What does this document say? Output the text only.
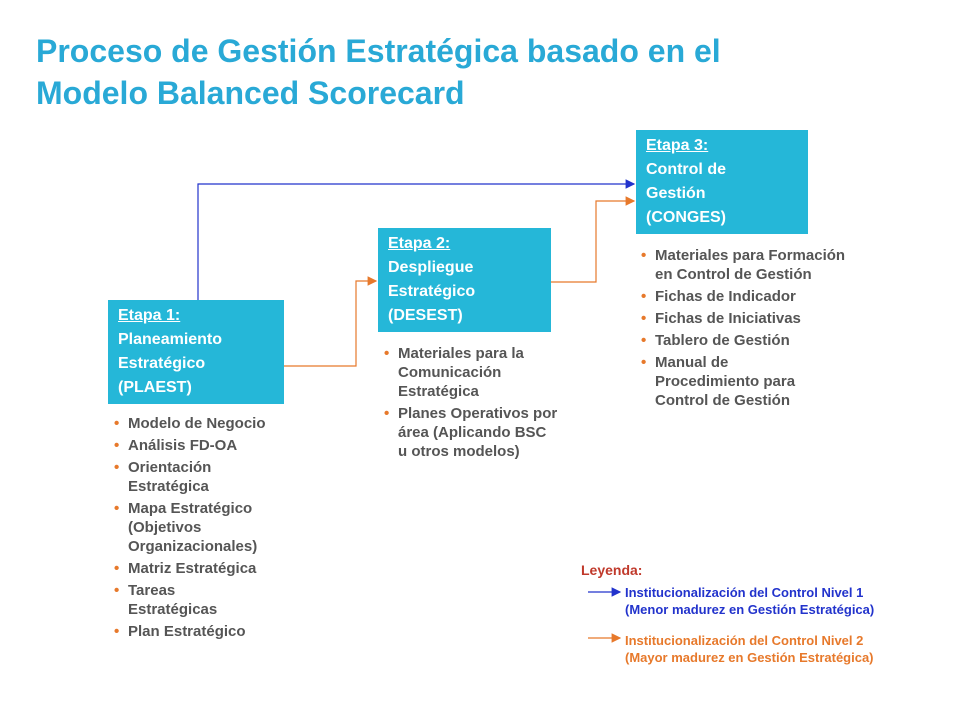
Proceso de Gestión Estratégica basado en el
Modelo Balanced Scorecard
Etapa 1:
Planeamiento
Estratégico
(PLAEST)
Etapa 2:
Despliegue
Estratégico
(DESEST)
Etapa 3:
Control de
Gestión
(CONGES)
• Modelo de Negocio
• Análisis FD-OA
• Orientación Estratégica
• Mapa Estratégico (Objetivos Organizacionales)
• Matriz Estratégica
• Tareas Estratégicas
• Plan Estratégico
• Materiales para la Comunicación Estratégica
• Planes Operativos por área (Aplicando BSC u otros modelos)
• Materiales para Formación en Control de Gestión
• Fichas de Indicador
• Fichas de Iniciativas
• Tablero de Gestión
• Manual de Procedimiento para Control de Gestión
Leyenda:
Institucionalización del Control Nivel 1
(Menor madurez en Gestión Estratégica)
Institucionalización del Control Nivel 2
(Mayor madurez en Gestión Estratégica)
